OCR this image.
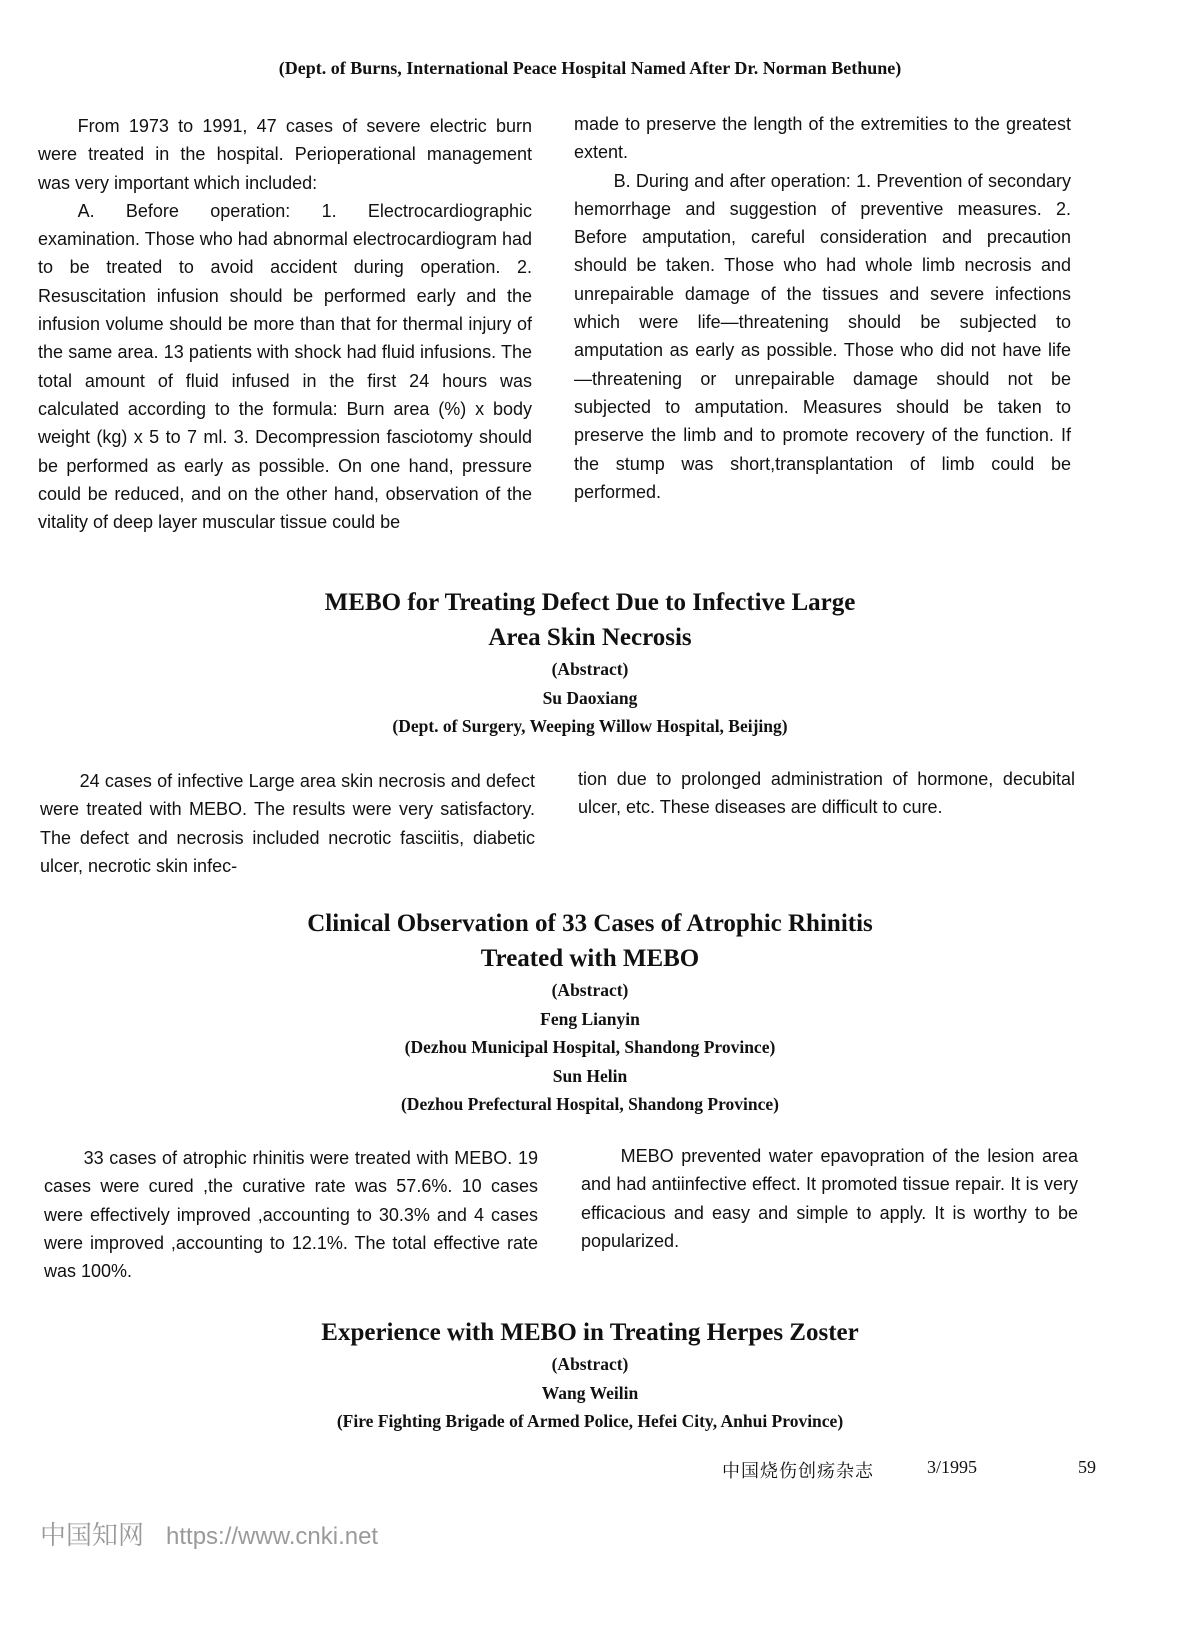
(Dept. of Burns, International Peace Hospital Named After Dr. Norman Bethune)

From 1973 to 1991, 47 cases of severe electric burn were treated in the hospital. Perioperational management was very important which included:

A. Before operation: 1. Electrocardiographic examination. Those who had abnormal electrocardiogram had to be treated to avoid accident during operation. 2. Resuscitation infusion should be performed early and the infusion volume should be more than that for thermal injury of the same area. 13 patients with shock had fluid infusions. The total amount of fluid infused in the first 24 hours was calculated according to the formula: Burn area (%) x body weight (kg) x 5 to 7 ml. 3. Decompression fasciotomy should be performed as early as possible. On one hand, pressure could be reduced, and on the other hand, observation of the vitality of deep layer muscular tissue could be

made to preserve the length of the extremities to the greatest extent.

B. During and after operation: 1. Prevention of secondary hemorrhage and suggestion of preventive measures. 2. Before amputation, careful consideration and precaution should be taken. Those who had whole limb necrosis and unrepairable damage of the tissues and severe infections which were life—threatening should be subjected to amputation as early as possible. Those who did not have life—threatening or unrepairable damage should not be subjected to amputation. Measures should be taken to preserve the limb and to promote recovery of the function. If the stump was short,transplantation of limb could be performed.

MEBO for Treating Defect Due to Infective Large
Area Skin Necrosis
(Abstract)
Su Daoxiang
(Dept. of Surgery, Weeping Willow Hospital, Beijing)

24 cases of infective Large area skin necrosis and defect were treated with MEBO. The results were very satisfactory. The defect and necrosis included necrotic fasciitis, diabetic ulcer, necrotic skin infec-

tion due to prolonged administration of hormone, decubital ulcer, etc. These diseases are difficult to cure.

Clinical Observation of 33 Cases of Atrophic Rhinitis
Treated with MEBO
(Abstract)
Feng Lianyin
(Dezhou Municipal Hospital, Shandong Province)
Sun Helin
(Dezhou Prefectural Hospital, Shandong Province)

33 cases of atrophic rhinitis were treated with MEBO. 19 cases were cured ,the curative rate was 57.6%. 10 cases were effectively improved ,accounting to 30.3% and 4 cases were improved ,accounting to 12.1%. The total effective rate was 100%.

MEBO prevented water epavopration of the lesion area and had antiinfective effect. It promoted tissue repair. It is very efficacious and easy and simple to apply. It is worthy to be popularized.

Experience with MEBO in Treating Herpes Zoster
(Abstract)
Wang Weilin
(Fire Fighting Brigade of Armed Police, Hefei City, Anhui Province)
中国烧伤创疡杂志	3/1995	59
中国知网 https://www.cnki.net
